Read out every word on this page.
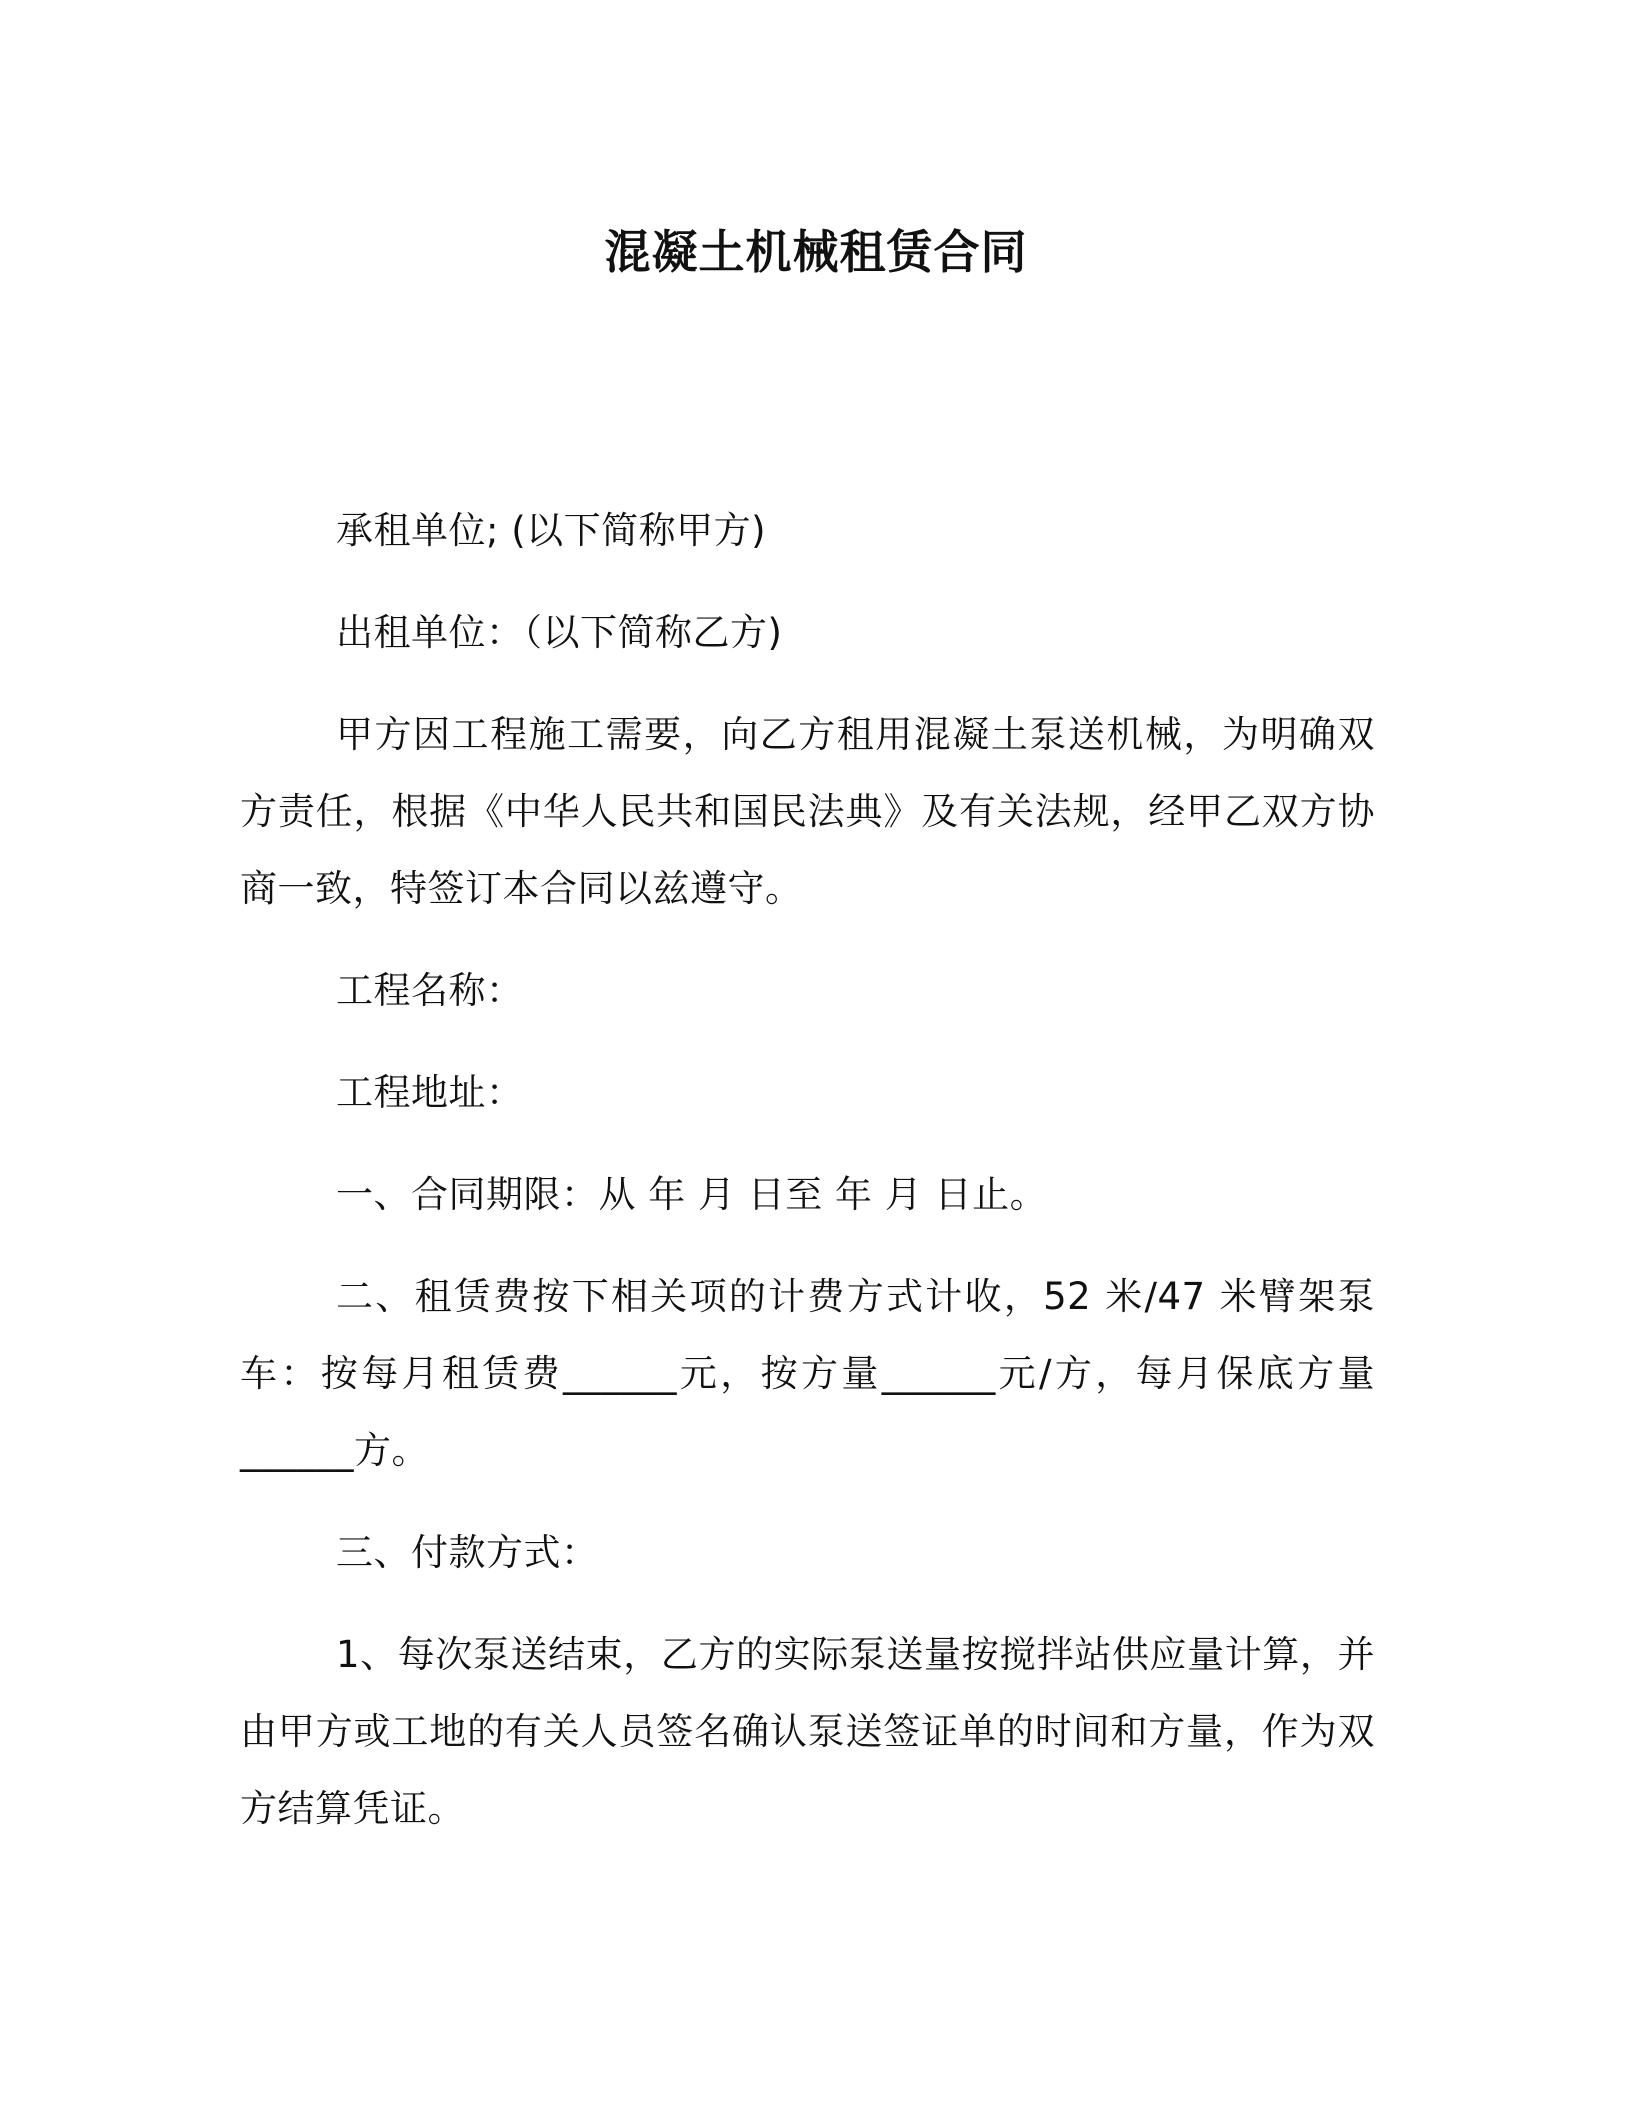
混凝土机械租赁合同

承租单位; (以下简称甲方)

出租单位：（以下简称乙方)

甲方因工程施工需要，向乙方租用混凝土泵送机械，为明确双方责任，根据《中华人民共和国民法典》及有关法规，经甲乙双方协商一致，特签订本合同以兹遵守。

工程名称：

工程地址：

一、合同期限：从 年 月 日至 年 月 日止。

二、租赁费按下相关项的计费方式计收，52 米/47 米臂架泵车：按每月租赁费______元，按方量______元/方，每月保底方量______方。

三、付款方式：

1、每次泵送结束，乙方的实际泵送量按搅拌站供应量计算，并由甲方或工地的有关人员签名确认泵送签证单的时间和方量，作为双方结算凭证。
